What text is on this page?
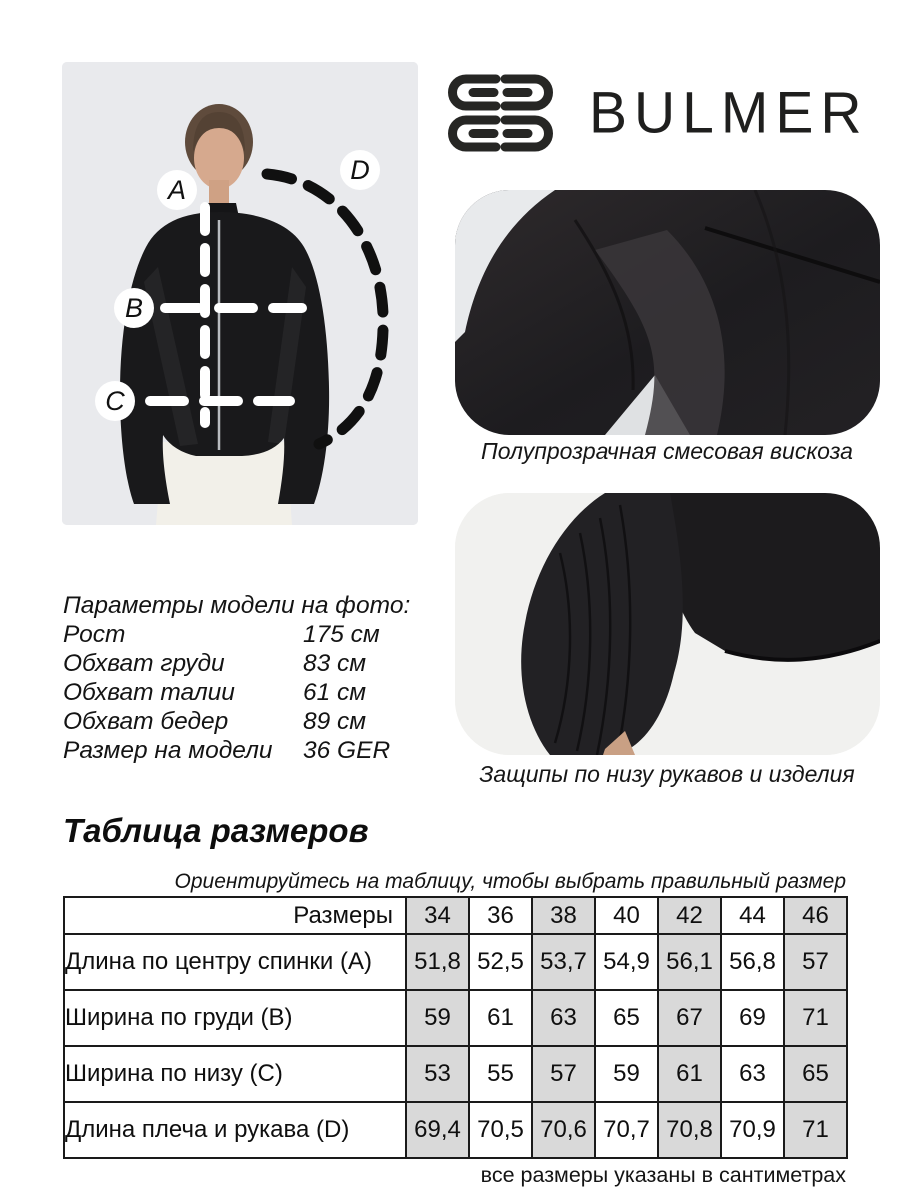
A
B
C
D
BULMER
Полупрозрачная смесовая вискоза
Защипы по низу рукавов и изделия
Параметры модели на фото:
Рост	175 см
Обхват груди	83 см
Обхват талии	61 см
Обхват бедер	89 см
Размер на модели	36 GER
Таблица размеров
Ориентируйтесь на таблицу, чтобы выбрать правильный размер
Размеры	34	36	38	40	42	44	46
Длина по центру спинки (A)	51,8	52,5	53,7	54,9	56,1	56,8	57
Ширина по груди (B)	59	61	63	65	67	69	71
Ширина по низу (C)	53	55	57	59	61	63	65
Длина плеча и рукава (D)	69,4	70,5	70,6	70,7	70,8	70,9	71
все размеры указаны в сантиметрах
